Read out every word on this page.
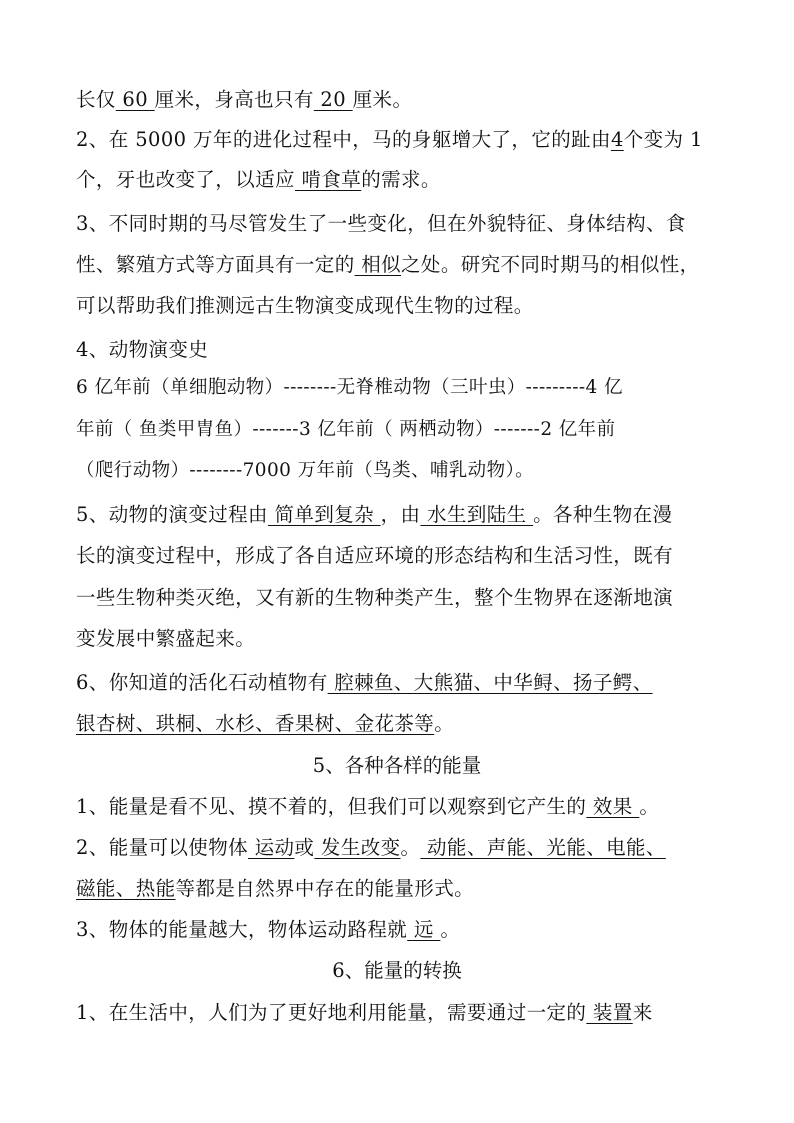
长仅 60 厘米，身高也只有 20 厘米。
2、在 5000 万年的进化过程中，马的身躯增大了，它的趾由4个变为 1
个，牙也改变了，以适应 啃食草的需求。
3、不同时期的马尽管发生了一些变化，但在外貌特征、身体结构、食
性、繁殖方式等方面具有一定的 相似之处。研究不同时期马的相似性，
可以帮助我们推测远古生物演变成现代生物的过程。
4、动物演变史
6 亿年前（单细胞动物）--------无脊椎动物（三叶虫）---------4 亿
年前（ 鱼类甲胄鱼）-------3 亿年前（ 两栖动物）-------2 亿年前
（爬行动物）--------7000 万年前（鸟类、哺乳动物）。
5、动物的演变过程由 简单到复杂 ，由 水生到陆生 。各种生物在漫
长的演变过程中，形成了各自适应环境的形态结构和生活习性，既有
一些生物种类灭绝，又有新的生物种类产生，整个生物界在逐渐地演
变发展中繁盛起来。
6、你知道的活化石动植物有 腔棘鱼、大熊猫、中华鲟、扬子鳄、
银杏树、珙桐、水杉、香果树、金花茶等。
5、各种各样的能量
1、能量是看不见、摸不着的，但我们可以观察到它产生的 效果 。
2、能量可以使物体 运动或 发生改变。 动能、声能、光能、电能、
磁能、热能等都是自然界中存在的能量形式。
3、物体的能量越大，物体运动路程就 远 。
6、能量的转换
1、在生活中，人们为了更好地利用能量，需要通过一定的 装置来
